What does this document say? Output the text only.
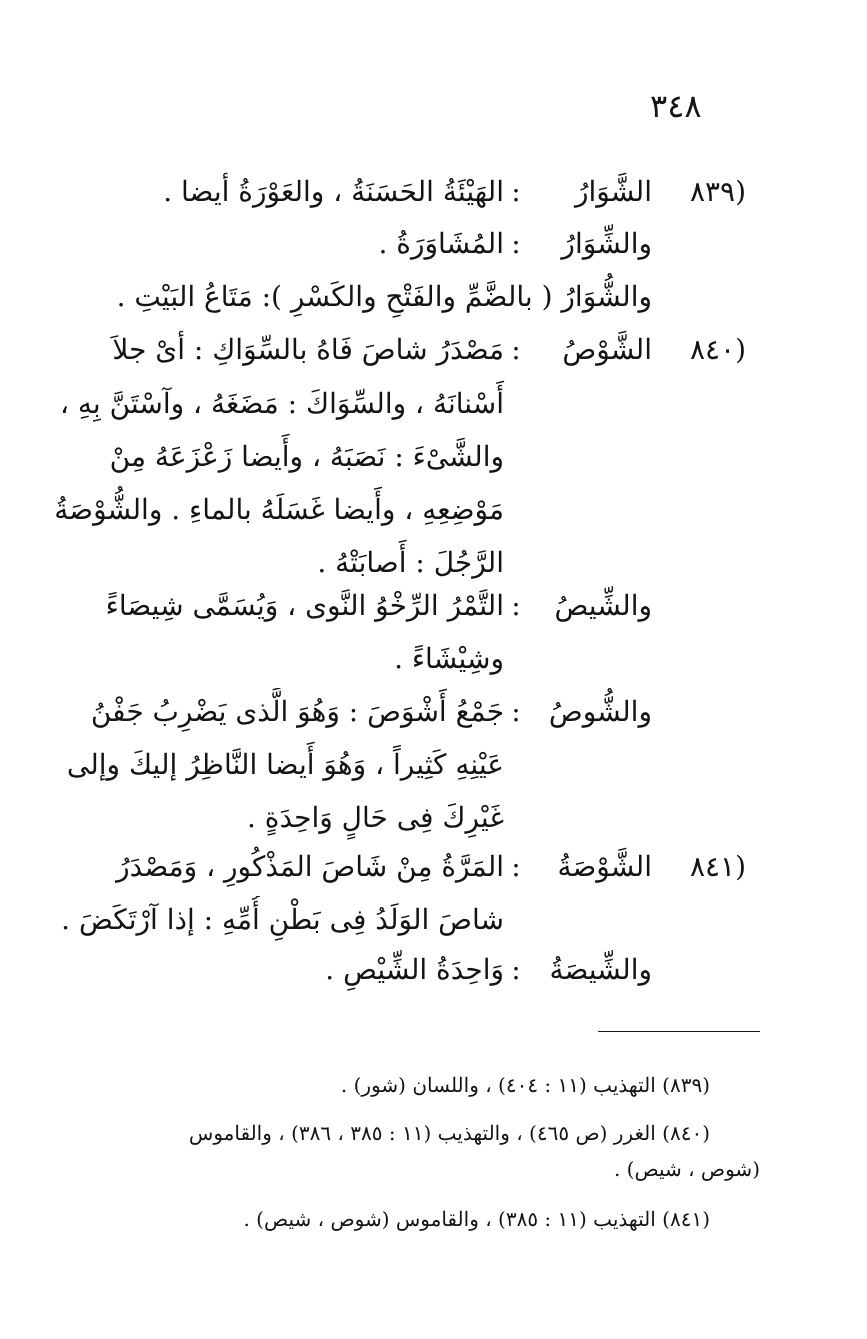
٣٤٨
(٨٣٩
الشَّوَارُ
:
الهَيْئَةُ الحَسَنَةُ ، والعَوْرَةُ أيضا .
والشِّوَارُ
:
المُشَاوَرَةُ .
والشُّوَارُ ( بالضَّمِّ والفَتْحِ والكَسْرِ ): مَتَاعُ البَيْتِ .
(٨٤٠
الشَّوْصُ
:
مَصْدَرُ شاصَ فَاهُ بالسِّوَاكِ : أىْ جلاَ
أَسْنانَهُ ، والسِّوَاكَ : مَضَغَهُ ، وآسْتَنَّ بِهِ ،
والشَّىْءَ : نَصَبَهُ ، وأَيضا زَعْزَعَهُ مِنْ
مَوْضِعِهِ ، وأَيضا غَسَلَهُ بالماءِ . والشُّوْصَةُ
الرَّجُلَ : أَصابَتْهُ .
والشِّيصُ
:
التَّمْرُ الرِّخْوُ النَّوى ، وَيُسَمَّى شِيصَاءً
وشِيْشَاءً .
والشُّوصُ
:
جَمْعُ أَشْوَصَ : وَهُوَ الَّذى يَضْرِبُ جَفْنُ
عَيْنِهِ كَثِيراً ، وَهُوَ أَيضا النَّاظِرُ إليكَ وإلى
غَيْرِكَ فِى حَالٍ وَاحِدَةٍ .
(٨٤١
الشَّوْصَةُ
:
المَرَّةُ مِنْ شَاصَ المَذْكُورِ ، وَمَصْدَرُ
شاصَ الوَلَدُ فِى بَطْنِ أُمِّهِ : إذا آرْتَكَضَ .
والشِّيصَةُ
:
وَاحِدَةُ الشِّيْصِ .
(٨٣٩) التهذيب (١١ : ٤٠٤) ، واللسان (شور) .
(٨٤٠) الغرر (ص ٤٦٥) ، والتهذيب (١١ : ٣٨٥ ، ٣٨٦) ، والقاموس
(شوص ، شيص) .
(٨٤١) التهذيب (١١ : ٣٨٥) ، والقاموس (شوص ، شيص) .
